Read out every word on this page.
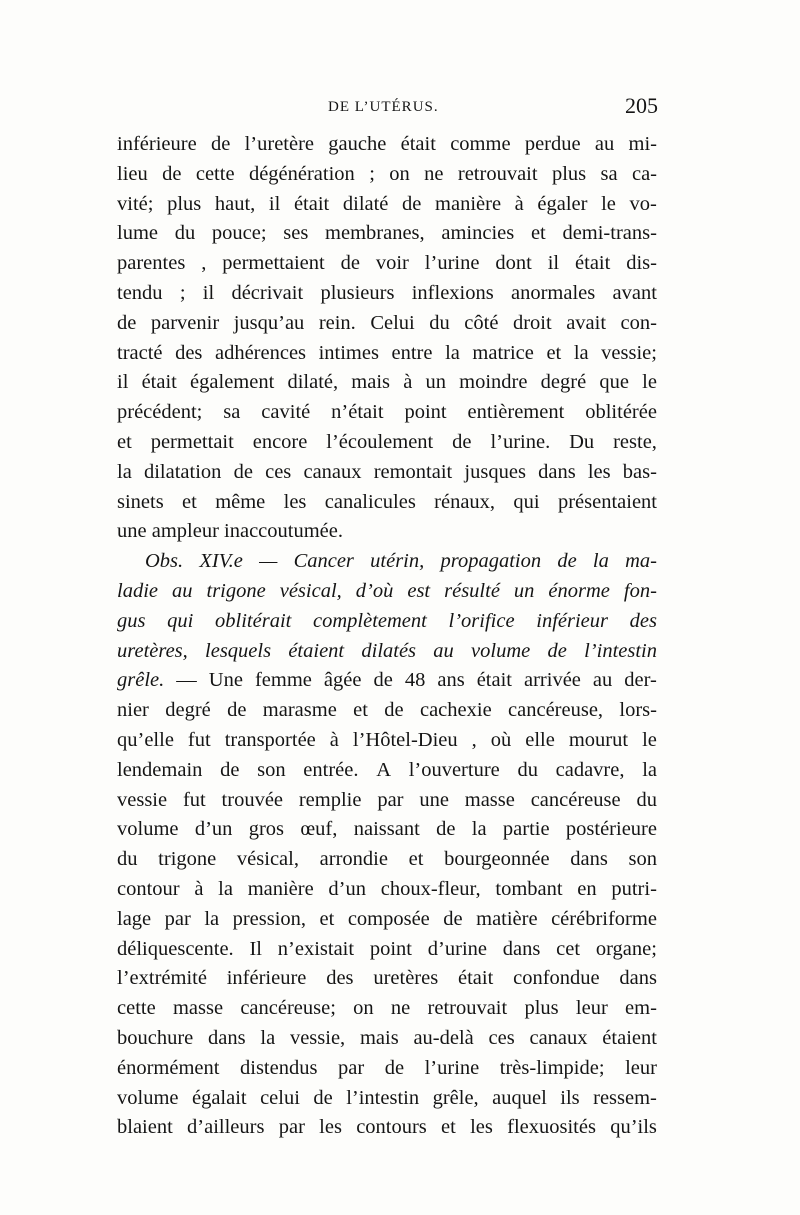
DE L’UTÉRUS.	205
inférieure de l’uretère gauche était comme perdue au mi-
lieu de cette dégénération ; on ne retrouvait plus sa ca-
vité; plus haut, il était dilaté de manière à égaler le vo-
lume du pouce; ses membranes, amincies et demi-trans-
parentes , permettaient de voir l’urine dont il était dis-
tendu ; il décrivait plusieurs inflexions anormales avant
de parvenir jusqu’au rein. Celui du côté droit avait con-
tracté des adhérences intimes entre la matrice et la vessie;
il était également dilaté, mais à un moindre degré que le
précédent; sa cavité n’était point entièrement oblitérée
et permettait encore l’écoulement de l’urine. Du reste,
la dilatation de ces canaux remontait jusques dans les bas-
sinets et même les canalicules rénaux, qui présentaient
une ampleur inaccoutumée.
Obs. XIV.e — Cancer utérin, propagation de la ma-
ladie au trigone vésical, d’où est résulté un énorme fon-
gus qui oblitérait complètement l’orifice inférieur des
uretères, lesquels étaient dilatés au volume de l’intestin
grêle. — Une femme âgée de 48 ans était arrivée au der-
nier degré de marasme et de cachexie cancéreuse, lors-
qu’elle fut transportée à l’Hôtel-Dieu , où elle mourut le
lendemain de son entrée. A l’ouverture du cadavre, la
vessie fut trouvée remplie par une masse cancéreuse du
volume d’un gros œuf, naissant de la partie postérieure
du trigone vésical, arrondie et bourgeonnée dans son
contour à la manière d’un choux-fleur, tombant en putri-
lage par la pression, et composée de matière cérébriforme
déliquescente. Il n’existait point d’urine dans cet organe;
l’extrémité inférieure des uretères était confondue dans
cette masse cancéreuse; on ne retrouvait plus leur em-
bouchure dans la vessie, mais au-delà ces canaux étaient
énormément distendus par de l’urine très-limpide; leur
volume égalait celui de l’intestin grêle, auquel ils ressem-
blaient d’ailleurs par les contours et les flexuosités qu’ils
